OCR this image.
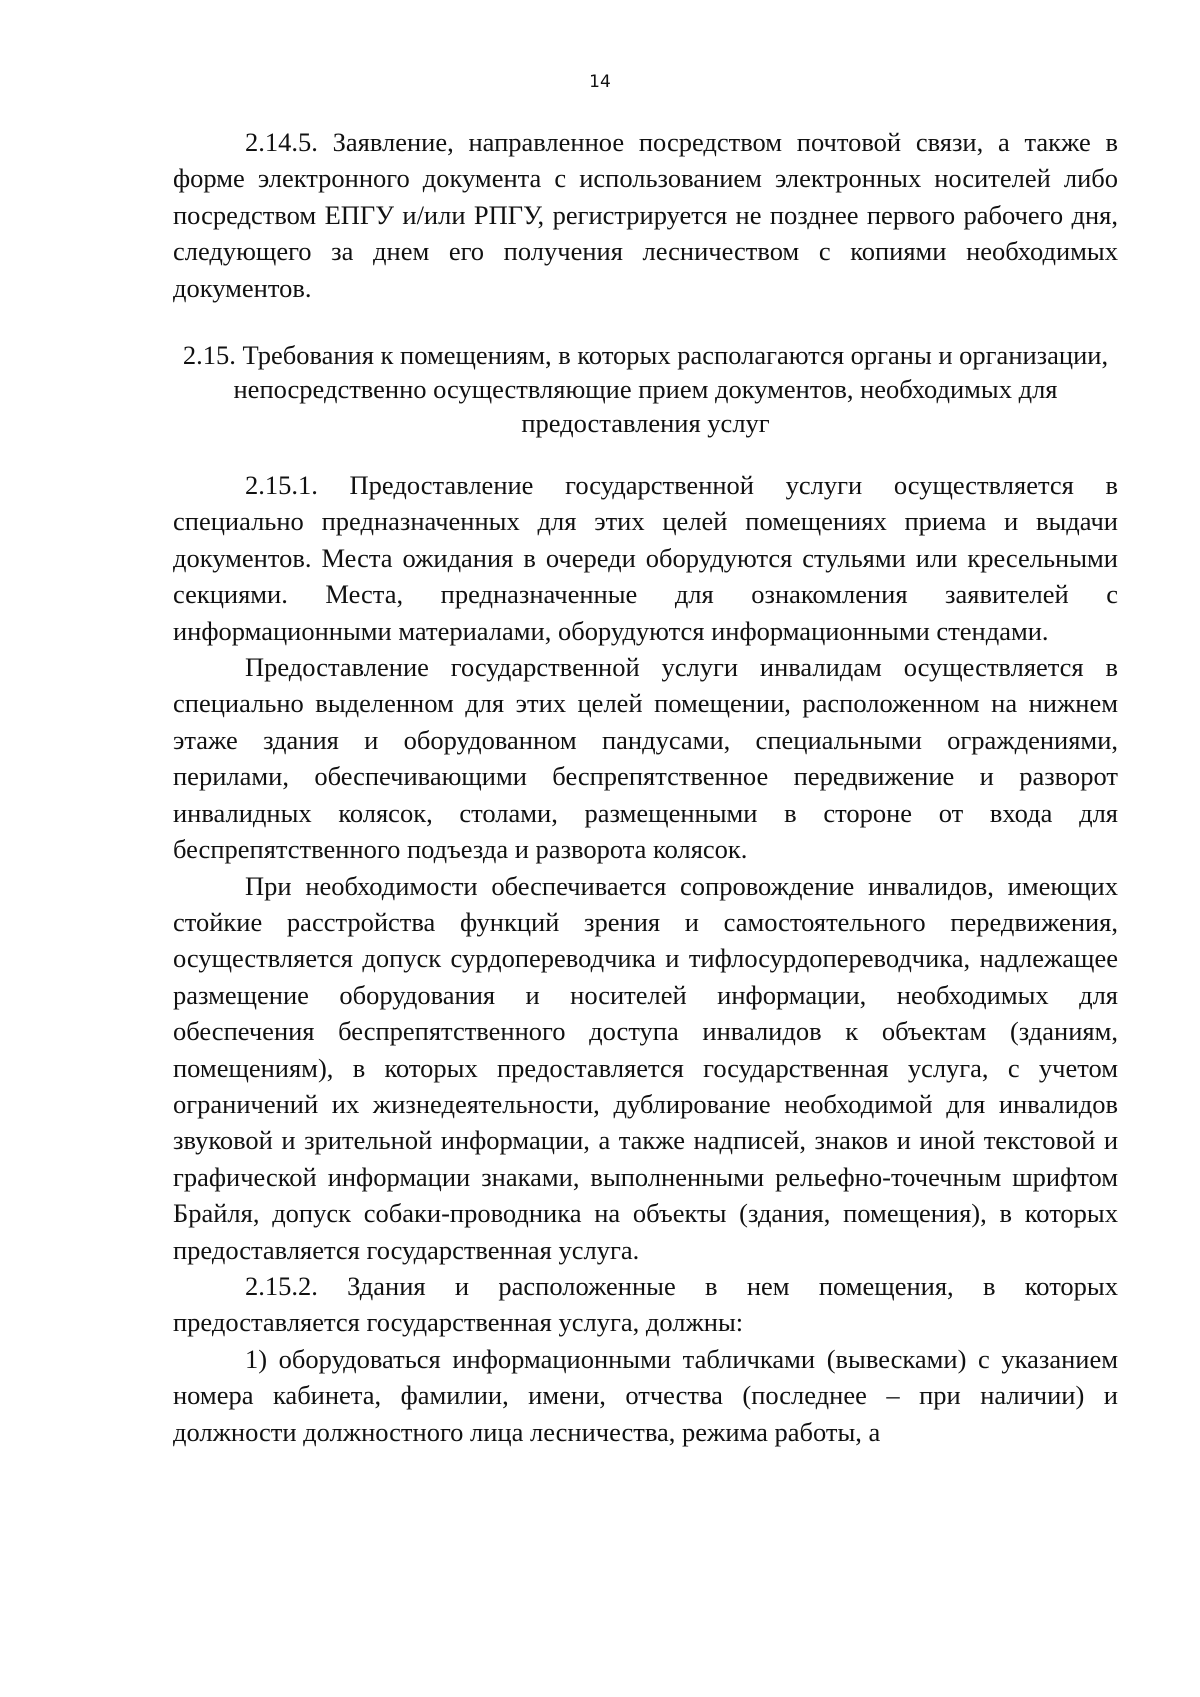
14

2.14.5. Заявление, направленное посредством почтовой связи, а также в форме электронного документа с использованием электронных носителей либо посредством ЕПГУ и/или РПГУ, регистрируется не позднее первого рабочего дня, следующего за днем его получения лесничеством с копиями необходимых документов.

2.15. Требования к помещениям, в которых располагаются органы и организации, непосредственно осуществляющие прием документов, необходимых для предоставления услуг

2.15.1. Предоставление государственной услуги осуществляется в специально предназначенных для этих целей помещениях приема и выдачи документов. Места ожидания в очереди оборудуются стульями или кресельными секциями. Места, предназначенные для ознакомления заявителей с информационными материалами, оборудуются информационными стендами.

Предоставление государственной услуги инвалидам осуществляется в специально выделенном для этих целей помещении, расположенном на нижнем этаже здания и оборудованном пандусами, специальными ограждениями, перилами, обеспечивающими беспрепятственное передвижение и разворот инвалидных колясок, столами, размещенными в стороне от входа для беспрепятственного подъезда и разворота колясок.

При необходимости обеспечивается сопровождение инвалидов, имеющих стойкие расстройства функций зрения и самостоятельного передвижения, осуществляется допуск сурдопереводчика и тифлосурдопереводчика, надлежащее размещение оборудования и носителей информации, необходимых для обеспечения беспрепятственного доступа инвалидов к объектам (зданиям, помещениям), в которых предоставляется государственная услуга, с учетом ограничений их жизнедеятельности, дублирование необходимой для инвалидов звуковой и зрительной информации, а также надписей, знаков и иной текстовой и графической информации знаками, выполненными рельефно-точечным шрифтом Брайля, допуск собаки-проводника на объекты (здания, помещения), в которых предоставляется государственная услуга.

2.15.2. Здания и расположенные в нем помещения, в которых предоставляется государственная услуга, должны:

1) оборудоваться информационными табличками (вывесками) с указанием номера кабинета, фамилии, имени, отчества (последнее – при наличии) и должности должностного лица лесничества, режима работы, а
